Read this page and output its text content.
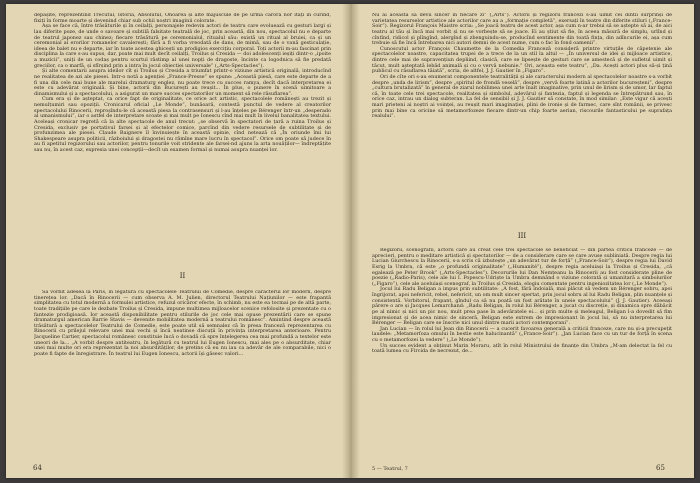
depășite, reprezentînd Trecutul, Istoria, Absolutul, Onoarea și alte majuscule de pe urma cărora nor ități în curînd, fixiți în forme moarte și devenind chiar sub ochii noștri imaginii colorate.

Așa se face că, între trăsăturile și în ceilalți, personajele redevin actori de teatru care evoluează cu gesturi largi și lau diferite poze, de unde o savoare și subtilă falsitate teatrală de joc, prin această, din nou, spectacolul nu e departe de teatrul japonez sau chinez; fiecare trăsătură pe ceremonialul, ritualul său: există un ritual al bruiei, ca și un ceremonial al erorilor romanelor cavalerești; fără a fi vorba vreodată de dans, de mimă, sau de o vană gesticulație, ideea de balet nu e departe, iar în toate acestea ghicești un prodigios exercițiu corporal. Toți actorii m-au fascinat prin disciplina la care s-au supus, dar, poate mai mult decît ceilalți, Troilus și Cresida — doi adolescenți ieșiți dintr-o „ipoite a muzicii”, uniți de un codaș pentru scurtul răstimp al unei nopți de dragoste, încinte ca logodnica să fie predată greciilor, ca o marfă, și sfîrșind prin a intra în jocul obiectiei universale” („Arts-Spectacles”).

Și alte comentarii asupra ideilor cît și Troilus și Cresida a triumfat printr-o viziune artistică originală, introducînd ne realitatea de azi ale piesei. Intr-o notă a agenției „France-Presse” se spune: „Această piesă, care este departe de a fi una din cele mai bune ale marelui dramaturg englez, nu poate trece cu succes ramya, decît dacă interpretarea ei este cu adevărat originală. Și bine, actorii din București au reușit... În plus, o punere în scenă uimitoare a dinamismului și a spectacolului, a asigurat un mare succes spectatorilor un moment să rele răsuflarea”.

Cum era și de așteptat, ca orice fapt de originalitate, ce orice act artistic, spectacolele românești au trezit și nemulțumiri sau opoziții. Cronicarul oficial „Le Monde”, bunăoară, contestă punctul de vedere al creatorilor spectacolului Rinocerii, reproșîndu-le că această piesa la contrasensuri și l-au înțeles pe Bérenger într-un „desperado al umanismului”, iar o astfel de interpretare scoate și mai mult pe Ionescu cînd mai mult în livelul banalitatea textului. Aceleași cronicar regretă că la alte spectacole de anul trecut: „se observă în spectatori de țară a ruina Troilus și Cresida, exclusiv pe portativul farsei și al efectelor comice, parcînd din vedere resursele de subtilitate și de profunzimea ale piesei. Claude Baignere îl învinuiește în această opinie, cînd netează că „În oriunde îmi lui Shakespeare asupra politicii, războiului și dragostei nu rămîne mare lucru în spectacol”. Orice om poate să judece în au fi apetitul regizorului sau actorilor, pentru tonurile voit stridente ale farsei-nd ajuns la arta nouăților— îndreptățite sau nu, în acest caz, expresia unei concepții—decît un examen formal și numai asupra nuanței lor.

II

Să vorbit adesea la Paris, în legătură cu spectacolele Teatrului de Comedie, despre caracterul lor modern, despre tinerețea lor. „Dacă în Rinocerii — cum observa A. M. Julien, directorul Teatrului Națiunilor — este frapantă simplitatea cu totul modernă a formulei artistice, refuzul oricăror efecte, în schimb, nu este ea tocmai pe de altă parte, toate tradițiile pe care le dezbate Troilus și Cresida, impune multimea mijloacelor scenice refolosite și prezentate cu o fantezie prodigioasă. Ior această disponibilitate pentru stilurile de joc cele mai opuse prezentării care se spune dramaturgul american Barrie Stavis — devenite mobilitatea modernă a teatrului românesc”. Amintind despre această trăsătură a spectacolelor Teatrului de Comedie, este poate util să semnalez că în presa franceză reprezentarea cu Rinocerii cu prilejul relevare unei mai vechi și încă neatinse discuții în privința interpretarea anterioare. Pentru Jacqueline Cartier, spectacolul românesc constituie încă o dovadă că spre înțelegerea cea mai profundă a textelor este uneori de la... „A vorbit despre antiteatru, în legătură cu teatrul lui Eugen Ionescu, mai ales pe o absurditate, chiar unei mai multe ori era reprezentat la noi absurdităților, de pretins că eu nu iau ca adevăr de ale comparabile, nici o poate fi fapte de înregistrare. În teatrul lui Eugen Ionescu, actorii își găsesc valori...

64

Nu ai aceasta să devii sincer în fiecare zi” („Arts”). Actorii și regizorii francezi s-au uimit cei dintîi surprinși de varietatea resurselor artistice ale actorilor care au a „formație completă”, exersați în teatre din diferite stiluri („France-Soir”). Regizorul François Maistre scria: „Se joacă teatru de acest actor, așa cum n-ar trebui să se aștepte să ai, de aici teatru al tău și încă mai vorbit și nu se vorbește să se joace. Ei au știut să fie, în aceea măsură de simplu, urlînd și cîntînd, ridicol și plîngînd, alergînd și zbenguindu-se, producînd sentimente din toată fința, din adîncurile ei, așa cum trebuie să fie încă întrebarea nici autori demni de acest nume, cum o fac în fond oamenii”.

Cunoscutul actor François Chaumette de la Comedia Franceză consideră printre virtuțile de căpetenie ale spectacolelor noastre, capacitatea trupei de a trece de la un stil la altul — „În universul de idei și mijloace artistice, dintre cele mai de supravențiun depliind, clasică, care se lipsește de gesturi care se amestecă și de sufletul uimit și tăcut, mult așteptată lebăd animală și cu o vervă nebunie.” Ori, aceasta este teatru”, „Da. Acești actori plus să-și țină publicul cu răsuflarea tăiată”, scria, de altfel, J. J. Gautier în „Figaro”.

Ori de cîte ori s-au enumerat componentele teatralității și ale caracterului modern al spectacolelor noastre s-a vorbit despre „unda de lirism”, despre „spiritul de frondă veselă”, despre „vervă foarte latină a actorilor bucureșteni”, despre „cultura brutalizată” în general de ziarul nobilimea unei arte înalt imaginative, prin unul de lirism și de umor, Iar faptul că, în toate cele trei spectacole, realitatea și simbolul, adevărul și fantezia, faptul și legenda se întrepătrund sau, în orice caz, intrau un dialog subteran. La fel de sensibil și J. J. Gautier să constate, în mod similar: „Este vigur că acești mari prieteni ai noștri ai voinței, au reușit mari imaginației, plini de ironie și de farmec, care sînt românii, se privesc prin mai bine ca oricine să metamorfozeze fiecare dintr-un chip foarte aerian, riscourile fantasticului pe suprafața realului”.

III

Regizorii, scenografii, actorii care au creat cele trei spectacole se beneficiat — din partea criticii franceze — de aprecieri, pentru o meditare artistică și spectatorilor — de a considerare care se care avuse subliniată. Despre regia lui Lucian Giurchescu la Rinocerii, s-a scris că izbutește „un adevărat tur de forță” („France-Soir”), despre regia lui David Esrig la Umbra, că este „o profundă originalitate” („Humanité”), despre regia aceluiași la Troilus și Cresida, „că egalează pe Peter Brook” („Arts-Spectacles”). Decorurile lui Dan Nemțeanu la Rinocerii au fost considerate pline de poezie („Radio-Paris), cele ale lui I. Popescu-Udriște la Umbra demnând o viziune colorată și umanitară a simbolurilor („Figaro”), cele ale aceluiași scenograf, la Troilus și Cresida, elogiu comentate pentru ingeniozitatea lor („Le Monde”).

Jocul lui Radu Beligan a impus prin subtilitate: „A fost, fără îndoială, mai plăcut să vedem un Bérenger sobru, apoi îngrijorat, apoi nefericit, rebel, nefericit, un om mult sincer spertat, prin jocul sobru al lui Radu Beligan, plin nuanțele și consistentă. Vorbitorul, frapant, gîndul ca să nu poată un fost arătate în uneie spectacolului” (J. J. Gautier). Aceeași părere o are și Jacques Lemarchand: „Radu Beligan, în rolul lui Bérenger, a jucat cu discreție, și dinamica spre dăbâcit pe al nimic și nici un pic nou, mult prea pase în adevăratele ei... și prin multe și meleagul, Beligan l-a dovedit să fim impresionat și de acea nimic de sinceră, Beligan este extrem de impresionant în jocul lui, să nu interpretarea lui Bérenger — Beligan care se înscrie nici unul dintre marii actori contemporani”.

Jan Lucian — în rolul lui Jean din Rinocerii — a cucerit favoarea generală a criticii franceze, care nu și-a precupețit laudele: „Metamorfoza omului în bestie este halucinantă” („France-Soir”). „Jan Lucian face cu un tur de forță în scena cu o metamorfozei la vedere” („Le Monde”).

Un succes evident a obținut Marin Moraru, atît în rolul Ministrului de finanțe din Umbra „M-am delectat la fel cu toată lumea cu Fircida de necrezut, de...

5 — Teatrul, 7	65
